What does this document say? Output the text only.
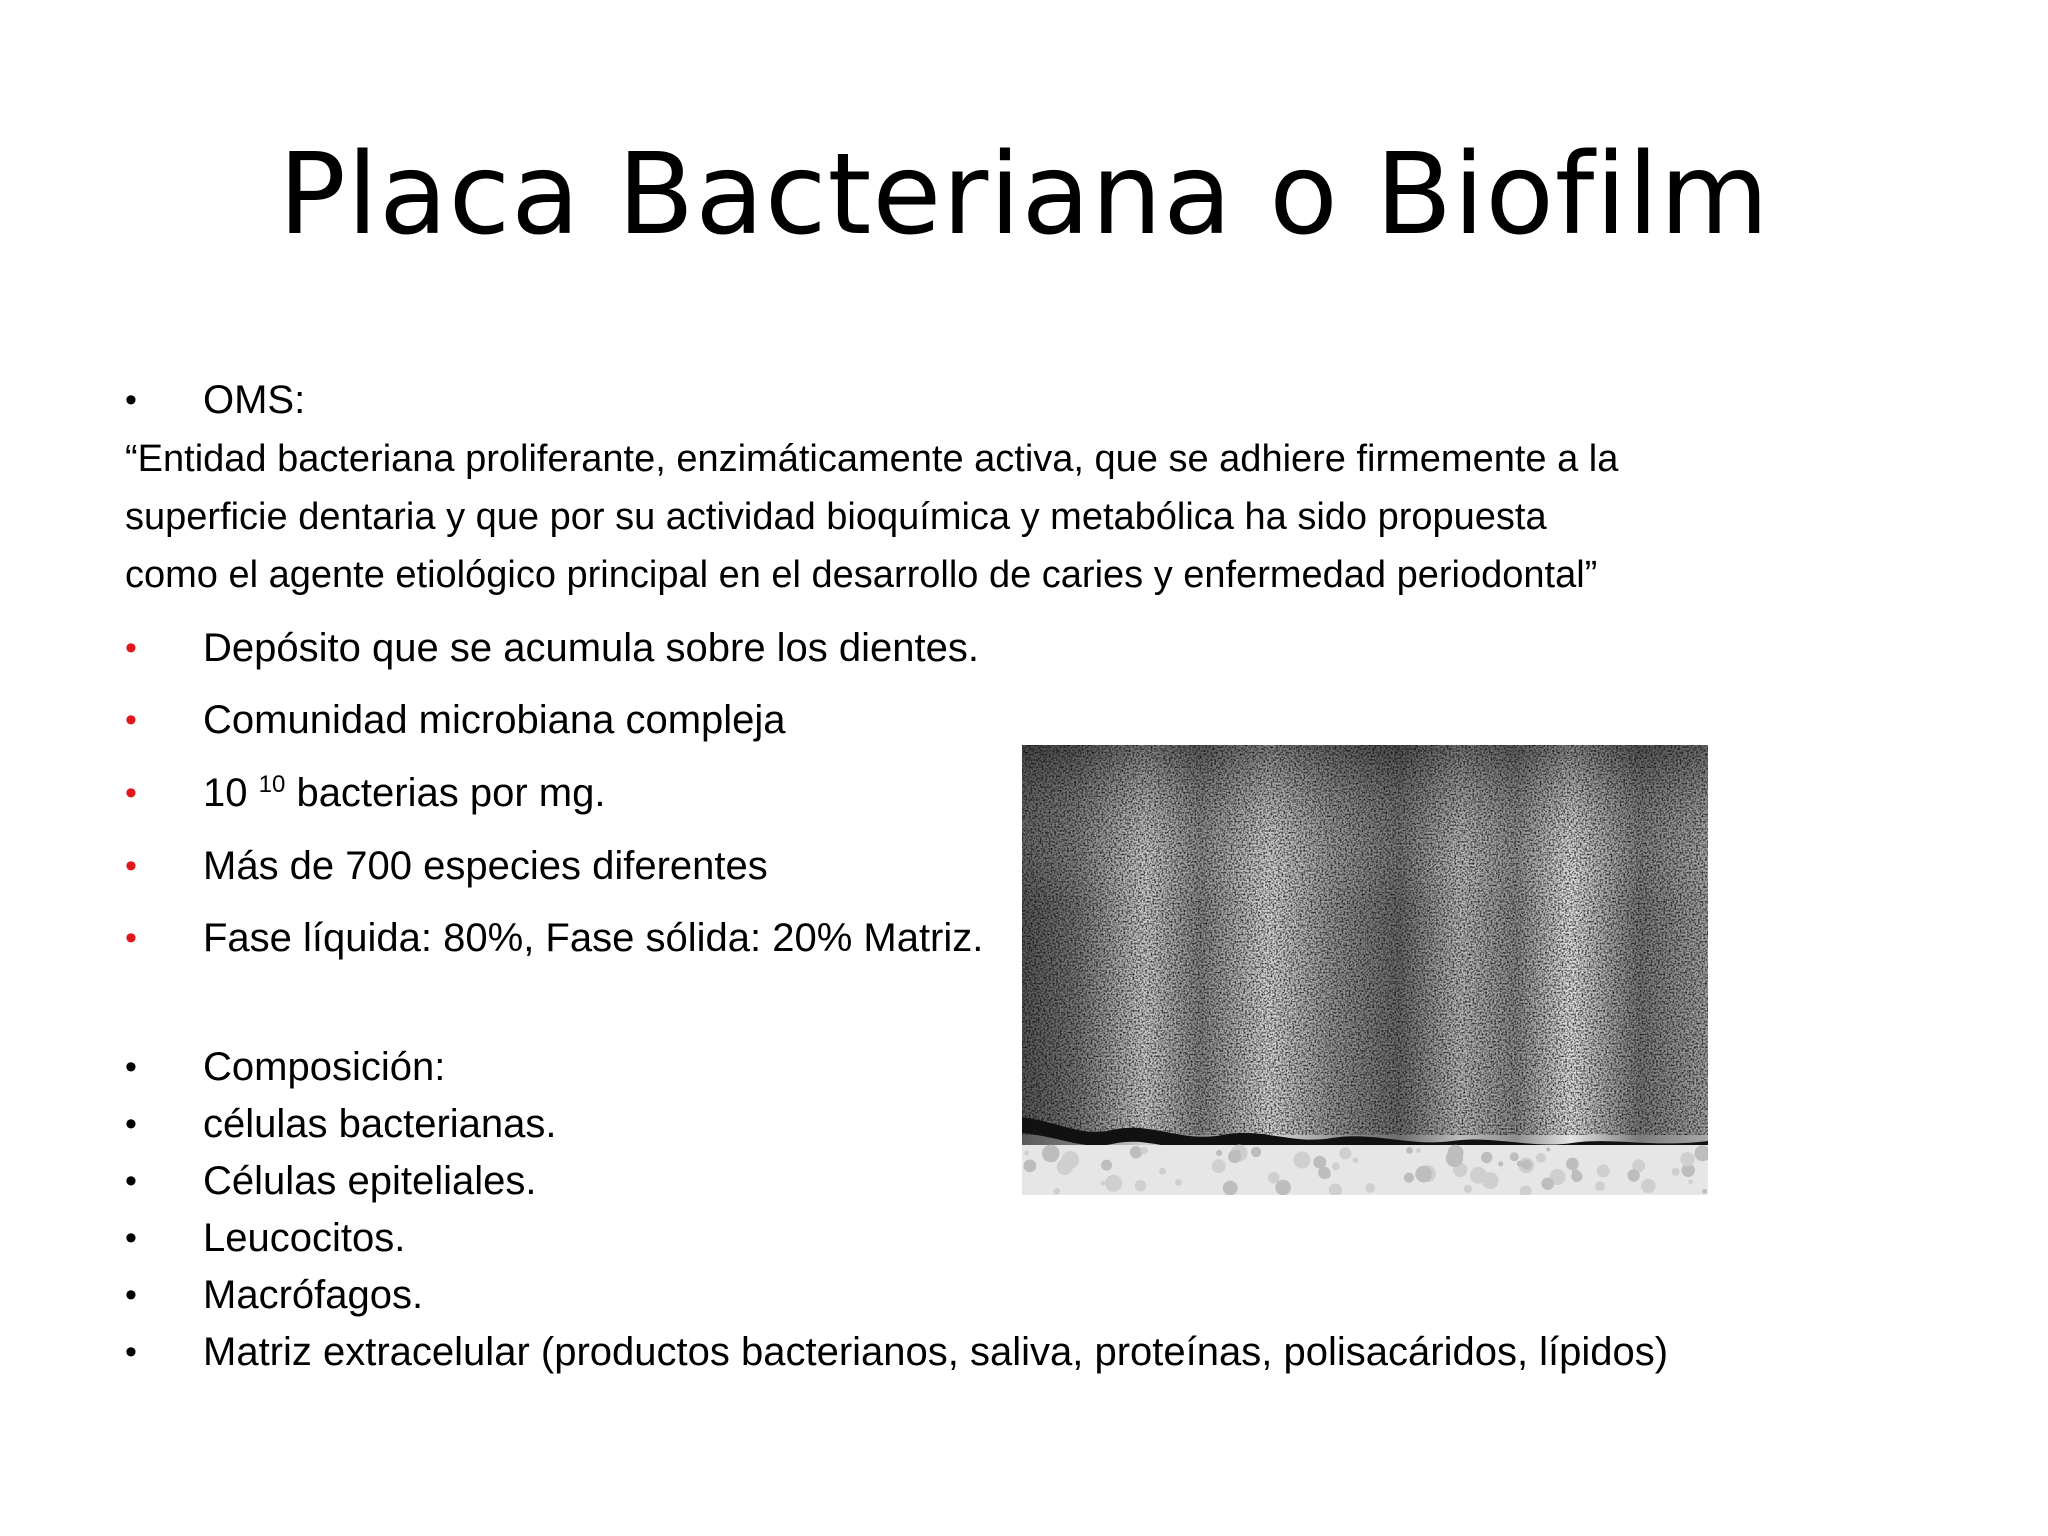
Placa Bacteriana o Biofilm
•	OMS:
“Entidad bacteriana proliferante, enzimáticamente activa, que se adhiere firmemente a la
superficie dentaria y que por su actividad bioquímica y metabólica ha sido propuesta
como el agente etiológico principal en el desarrollo de caries y enfermedad periodontal”
•	Depósito que se acumula sobre los dientes.
•	Comunidad microbiana compleja
•	10 $^{10}$ bacterias por mg.
•	Más de 700 especies diferentes
•	Fase líquida: 80%, Fase sólida: 20% Matriz.
•	Composición:
•	células bacterianas.
•	Células epiteliales.
•	Leucocitos.
•	Macrófagos.
•	Matriz extracelular (productos bacterianos, saliva, proteínas, polisacáridos, lípidos)
